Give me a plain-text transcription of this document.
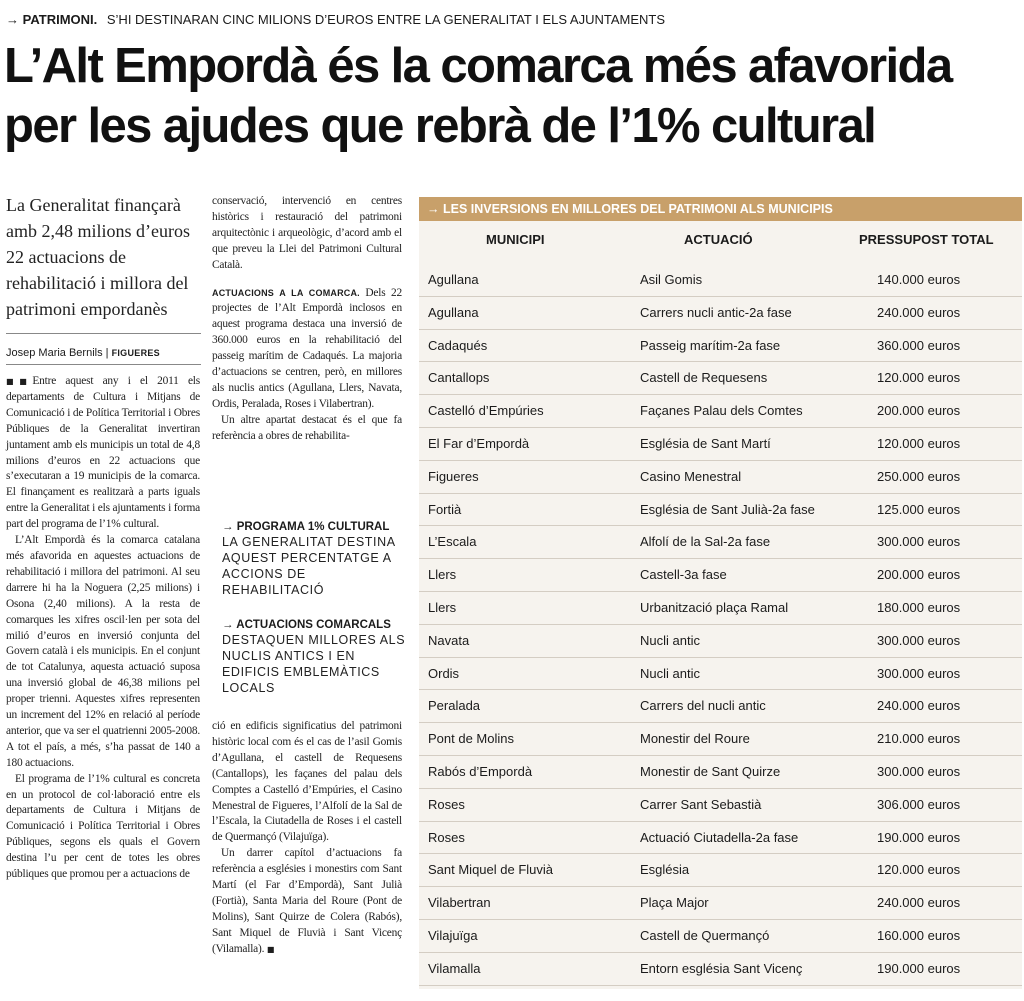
→ PATRIMONI. S’HI DESTINARAN CINC MILIONS D’EUROS ENTRE LA GENERALITAT I ELS AJUNTAMENTS
L’Alt Empordà és la comarca més afavorida
per les ajudes que rebrà de l’1% cultural
La Generalitat finançarà amb 2,48 milions d’euros 22 actuacions de rehabilitació i millora del patrimoni empordanès
Josep Maria Bernils | FIGUERES

■■Entre aquest any i el 2011 els departaments de Cultura i Mitjans de Comunicació i de Política Territorial i Obres Públiques de la Generalitat invertiran juntament amb els municipis un total de 4,8 milions d’euros en 22 actuacions que s’executaran a 19 municipis de la comarca. El finançament es realitzarà a parts iguals entre la Generalitat i els ajuntaments i forma part del programa de l’1% cultural.

L’Alt Empordà és la comarca catalana més afavorida en aquestes actuacions de rehabilitació i millora del patrimoni. Al seu darrere hi ha la Noguera (2,25 milions) i Osona (2,40 milions). A la resta de comarques les xifres oscil·len per sota del milió d’euros en inversió conjunta del Govern català i els municipis. En el conjunt de tot Catalunya, aquesta actuació suposa una inversió global de 46,38 milions pel proper trienni. Aquestes xifres representen un increment del 12% en relació al període anterior, que va ser el quatrienni 2005-2008. A tot el país, a més, s’ha passat de 140 a 180 actuacions.

El programa de l’1% cultural es concreta en un protocol de col·laboració entre els departaments de Cultura i Mitjans de Comunicació i Política Territorial i Obres Públiques, segons els quals el Govern destina l’u per cent de totes les obres públiques que promou per a actuacions de

conservació, intervenció en centres històrics i restauració del patrimoni arquitectònic i arqueològic, d’acord amb el que preveu la Llei del Patrimoni Cultural Català.

ACTUACIONS A LA COMARCA. Dels 22 projectes de l’Alt Empordà inclosos en aquest programa destaca una inversió de 360.000 euros en la rehabilitació del passeig marítim de Cadaqués. La majoria d’actuacions se centren, però, en millores als nuclis antics (Agullana, Llers, Navata, Ordis, Peralada, Roses i Vilabertran).

Un altre apartat destacat és el que fa referència a obres de rehabilita-

→ PROGRAMA 1% CULTURAL
LA GENERALITAT DESTINA AQUEST PERCENTATGE A ACCIONS DE REHABILITACIÓ
→ ACTUACIONS COMARCALS
DESTAQUEN MILLORES ALS NUCLIS ANTICS I EN EDIFICIS EMBLEMÀTICS LOCALS

ció en edificis significatius del patrimoni històric local com és el cas de l’asil Gomis d’Agullana, el castell de Requesens (Cantallops), les façanes del palau dels Comptes a Castelló d’Empúries, el Casino Menestral de Figueres, l’Alfolí de la Sal de l’Escala, la Ciutadella de Roses i el castell de Quermançó (Vilajuïga).

Un darrer capítol d’actuacions fa referència a esglésies i monestirs com Sant Martí (el Far d’Empordà), Sant Julià (Fortià), Santa Maria del Roure (Pont de Molins), Sant Quirze de Colera (Rabós), Sant Miquel de Fluvià i Sant Vicenç (Vilamalla). ■

→ LES INVERSIONS EN MILLORES DEL PATRIMONI ALS MUNICIPIS
MUNICIPI	ACTUACIÓ	PRESSUPOST TOTAL
Agullana	Asil Gomis	140.000 euros
Agullana	Carrers nucli antic-2a fase	240.000 euros
Cadaqués	Passeig marítim-2a fase	360.000 euros
Cantallops	Castell de Requesens	120.000 euros
Castelló d’Empúries	Façanes Palau dels Comtes	200.000 euros
El Far d’Empordà	Església de Sant Martí	120.000 euros
Figueres	Casino Menestral	250.000 euros
Fortià	Església de Sant Julià-2a fase	125.000 euros
L’Escala	Alfolí de la Sal-2a fase	300.000 euros
Llers	Castell-3a fase	200.000 euros
Llers	Urbanització plaça Ramal	180.000 euros
Navata	Nucli antic	300.000 euros
Ordis	Nucli antic	300.000 euros
Peralada	Carrers del nucli antic	240.000 euros
Pont de Molins	Monestir del Roure	210.000 euros
Rabós d’Empordà	Monestir de Sant Quirze	300.000 euros
Roses	Carrer Sant Sebastià	306.000 euros
Roses	Actuació Ciutadella-2a fase	190.000 euros
Sant Miquel de Fluvià	Església	120.000 euros
Vilabertran	Plaça Major	240.000 euros
Vilajuïga	Castell de Quermançó	160.000 euros
Vilamalla	Entorn església Sant Vicenç	190.000 euros
